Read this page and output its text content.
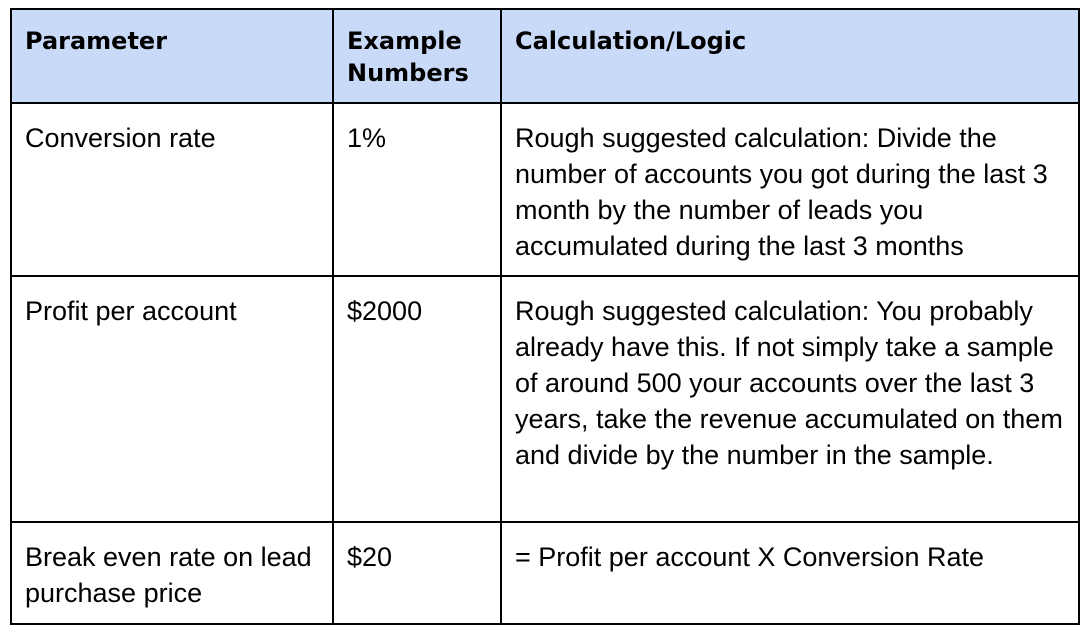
Parameter	Example Numbers	Calculation/Logic

Conversion rate	1%	Rough suggested calculation: Divide the number of accounts you got during the last 3 month by the number of leads you accumulated during the last 3 months

Profit per account	$2000	Rough suggested calculation: You probably already have this. If not simply take a sample of around 500 your accounts over the last 3 years, take the revenue accumulated on them and divide by the number in the sample.

Break even rate on lead purchase price	$20	= Profit per account X Conversion Rate
